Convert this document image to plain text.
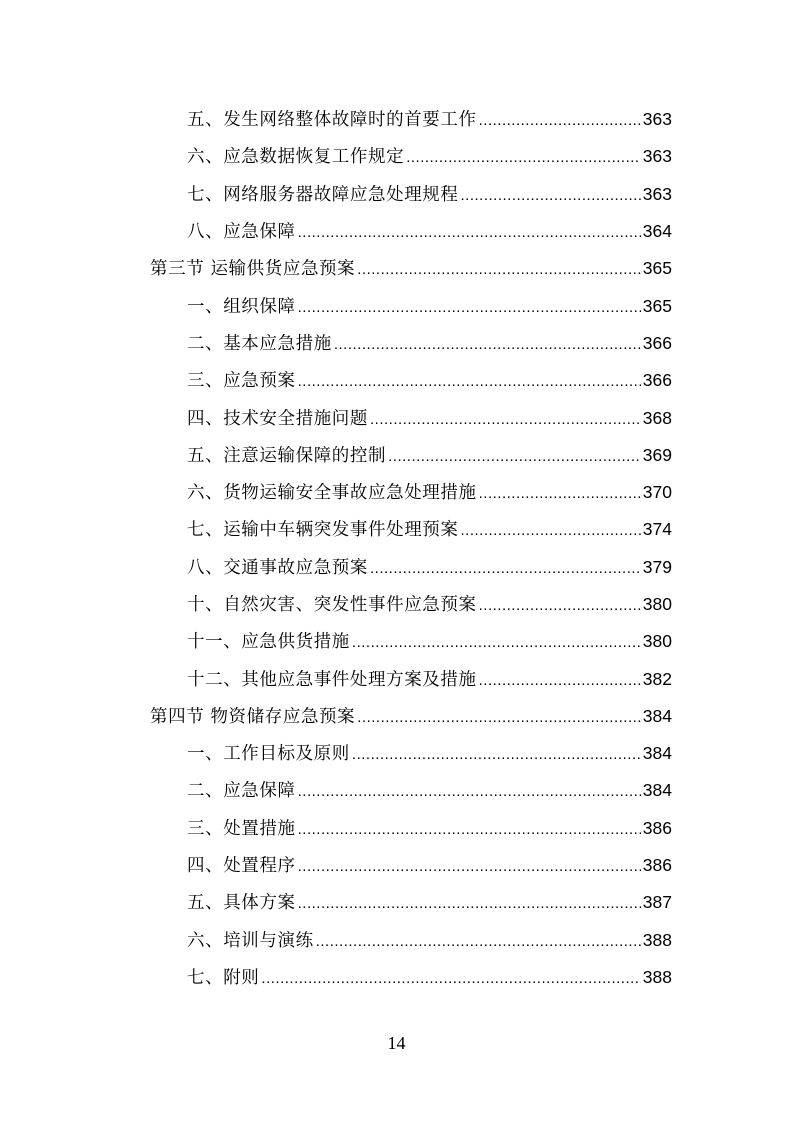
五、发生网络整体故障时的首要工作 .....	363
六、应急数据恢复工作规定 .....	363
七、网络服务器故障应急处理规程 .....	363
八、应急保障 .....	364
第三节 运输供货应急预案 .....	365
一、组织保障 .....	365
二、基本应急措施 .....	366
三、应急预案 .....	366
四、技术安全措施问题 .....	368
五、注意运输保障的控制 .....	369
六、货物运输安全事故应急处理措施 .....	370
七、运输中车辆突发事件处理预案 .....	374
八、交通事故应急预案 .....	379
十、自然灾害、突发性事件应急预案 .....	380
十一、应急供货措施 .....	380
十二、其他应急事件处理方案及措施 .....	382
第四节 物资储存应急预案 .....	384
一、工作目标及原则 .....	384
二、应急保障 .....	384
三、处置措施 .....	386
四、处置程序 .....	386
五、具体方案 .....	387
六、培训与演练 .....	388
七、附则 .....	388
14
